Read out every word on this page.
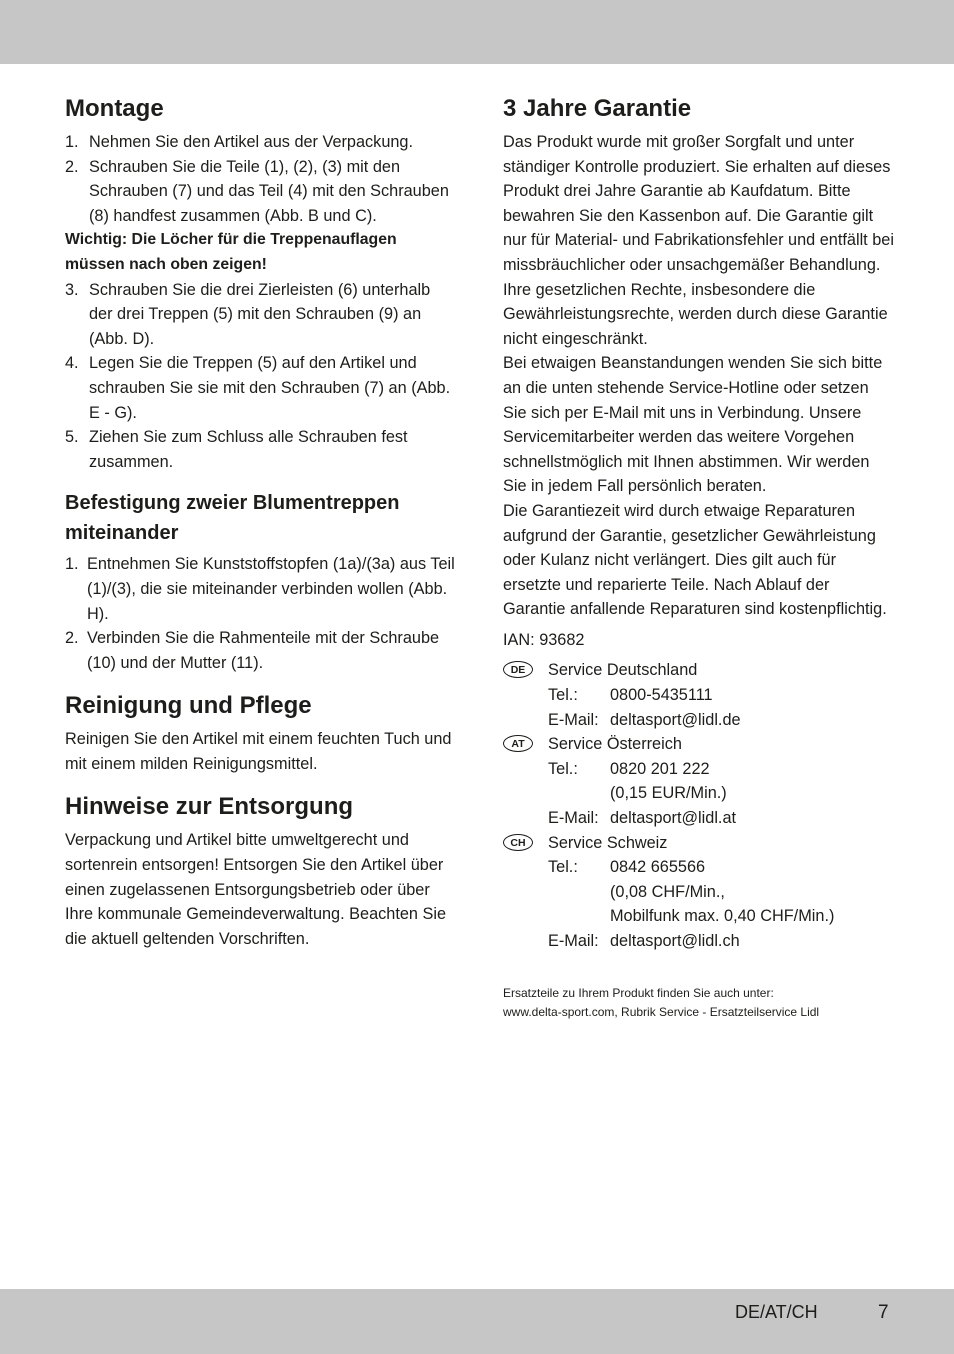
Montage
1. Nehmen Sie den Artikel aus der Verpackung.
2. Schrauben Sie die Teile (1), (2), (3) mit den Schrauben (7) und das Teil (4) mit den Schrauben (8) handfest zusammen (Abb. B und C).

Wichtig: Die Löcher für die Treppenauflagen müssen nach oben zeigen!

3. Schrauben Sie die drei Zierleisten (6) unterhalb der drei Treppen (5) mit den Schrauben (9) an (Abb. D).
4. Legen Sie die Treppen (5) auf den Artikel und schrauben Sie sie mit den Schrauben (7) an (Abb. E - G).
5. Ziehen Sie zum Schluss alle Schrauben fest zusammen.
Befestigung zweier Blumentreppen miteinander
1. Entnehmen Sie Kunststoffstopfen (1a)/(3a) aus Teil (1)/(3), die sie miteinander verbinden wollen (Abb. H).
2. Verbinden Sie die Rahmenteile mit der Schraube (10) und der Mutter (11).
Reinigung und Pflege

Reinigen Sie den Artikel mit einem feuchten Tuch und mit einem milden Reinigungsmittel.

Hinweise zur Entsorgung

Verpackung und Artikel bitte umweltgerecht und sortenrein entsorgen! Entsorgen Sie den Artikel über einen zugelassenen Entsorgungsbetrieb oder über Ihre kommunale Gemeindeverwaltung. Beachten Sie die aktuell geltenden Vorschriften.

3 Jahre Garantie

Das Produkt wurde mit großer Sorgfalt und unter ständiger Kontrolle produziert. Sie erhalten auf dieses Produkt drei Jahre Garantie ab Kaufdatum. Bitte bewahren Sie den Kassenbon auf. Die Garantie gilt nur für Material- und Fabrikationsfehler und entfällt bei missbräuchlicher oder unsachgemäßer Behandlung. Ihre gesetzlichen Rechte, insbesondere die Gewährleistungsrechte, werden durch diese Garantie nicht eingeschränkt.

Bei etwaigen Beanstandungen wenden Sie sich bitte an die unten stehende Service-Hotline oder setzen Sie sich per E-Mail mit uns in Verbindung. Unsere Servicemitarbeiter werden das weitere Vorgehen schnellstmöglich mit Ihnen abstimmen. Wir werden Sie in jedem Fall persönlich beraten.

Die Garantiezeit wird durch etwaige Reparaturen aufgrund der Garantie, gesetzlicher Gewährleistung oder Kulanz nicht verlängert. Dies gilt auch für ersetzte und reparierte Teile. Nach Ablauf der Garantie anfallende Reparaturen sind kostenpflichtig.

IAN: 93682

DE	Service Deutschland
Tel.:	0800-5435111
E-Mail: deltasport@lidl.de
AT	Service Österreich
Tel.:	0820 201 222
(0,15 EUR/Min.)
E-Mail: deltasport@lidl.at
CH	Service Schweiz
Tel.:	0842 665566
(0,08 CHF/Min.,
Mobilfunk max. 0,40 CHF/Min.)
E-Mail: deltasport@lidl.ch
Ersatzteile zu Ihrem Produkt finden Sie auch unter:
www.delta-sport.com, Rubrik Service - Ersatzteilservice Lidl
DE/AT/CH	7
